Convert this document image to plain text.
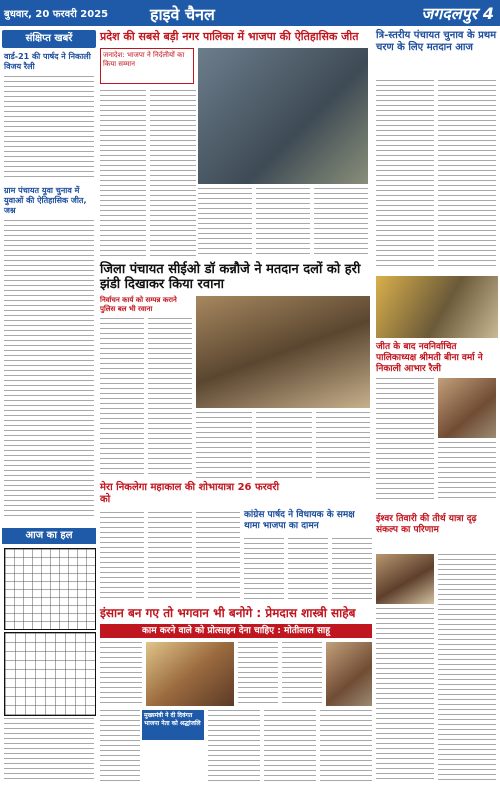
बुधवार, 20 फरवरी 2025	हाइवे चैनल	जगदलपुर 4
संक्षिप्त खबरें
वार्ड-21 की पार्षद ने निकाली विजय रैली
ग्राम पंचायत युवा चुनाव में युवाओं की ऐतिहासिक जीत, जश्न
प्रदेश की सबसे बड़ी नगर पालिका में भाजपा की ऐतिहासिक जीत
जनादेश: भाजपा ने निर्दलीयों का किया सम्मान
जिला पंचायत सीईओ डॉ कन्नौजे ने मतदान दलों को हरी झंडी दिखाकर किया रवाना
निर्वाचन कार्य को सम्पन्न कराने पुलिस बल भी रवाना
मेरा निकलेगा महाकाल की शोभायात्रा 26 फरवरी को
कांग्रेस पार्षद ने विधायक के समक्ष थामा भाजपा का दामन
आज का हल
त्रि-स्तरीय पंचायत चुनाव के प्रथम चरण के लिए मतदान आज
जीत के बाद नवनिर्वाचित पालिकाध्यक्ष श्रीमती बीना वर्मा ने निकाली आभार रैली
ईश्वर तिवारी की तीर्थ यात्रा दृढ़ संकल्प का परिणाम
इंसान बन गए तो भगवान भी बनोगे : प्रेमदास शास्त्री साहेब
काम करने वाले को प्रोत्साहन देना चाहिए : मोतीलाल साहू
मुख्यमंत्री ने दी दिवंगत भाजपा नेता को श्रद्धांजलि
